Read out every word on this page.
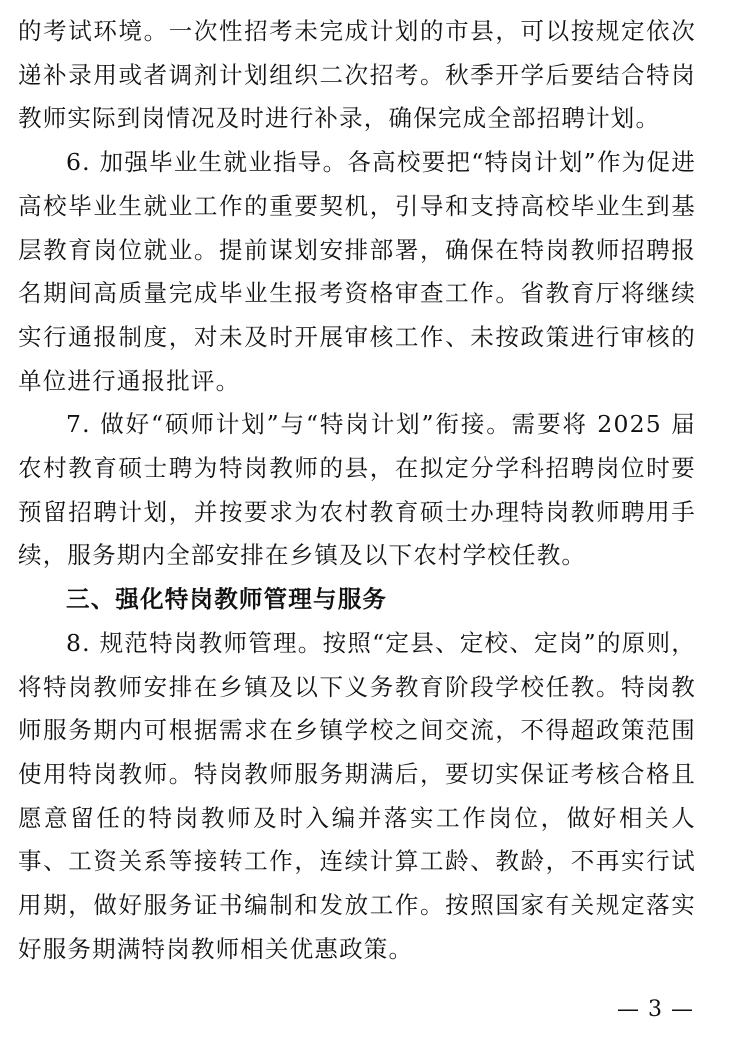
的考试环境。一次性招考未完成计划的市县，可以按规定依次递补录用或者调剂计划组织二次招考。秋季开学后要结合特岗教师实际到岗情况及时进行补录，确保完成全部招聘计划。

6. 加强毕业生就业指导。各高校要把“特岗计划”作为促进高校毕业生就业工作的重要契机，引导和支持高校毕业生到基层教育岗位就业。提前谋划安排部署，确保在特岗教师招聘报名期间高质量完成毕业生报考资格审查工作。省教育厅将继续实行通报制度，对未及时开展审核工作、未按政策进行审核的单位进行通报批评。

7. 做好“硕师计划”与“特岗计划”衔接。需要将 2025 届农村教育硕士聘为特岗教师的县，在拟定分学科招聘岗位时要预留招聘计划，并按要求为农村教育硕士办理特岗教师聘用手续，服务期内全部安排在乡镇及以下农村学校任教。

三、强化特岗教师管理与服务

8. 规范特岗教师管理。按照“定县、定校、定岗”的原则，将特岗教师安排在乡镇及以下义务教育阶段学校任教。特岗教师服务期内可根据需求在乡镇学校之间交流，不得超政策范围使用特岗教师。特岗教师服务期满后，要切实保证考核合格且愿意留任的特岗教师及时入编并落实工作岗位，做好相关人事、工资关系等接转工作，连续计算工龄、教龄，不再实行试用期，做好服务证书编制和发放工作。按照国家有关规定落实好服务期满特岗教师相关优惠政策。

— 3 —
